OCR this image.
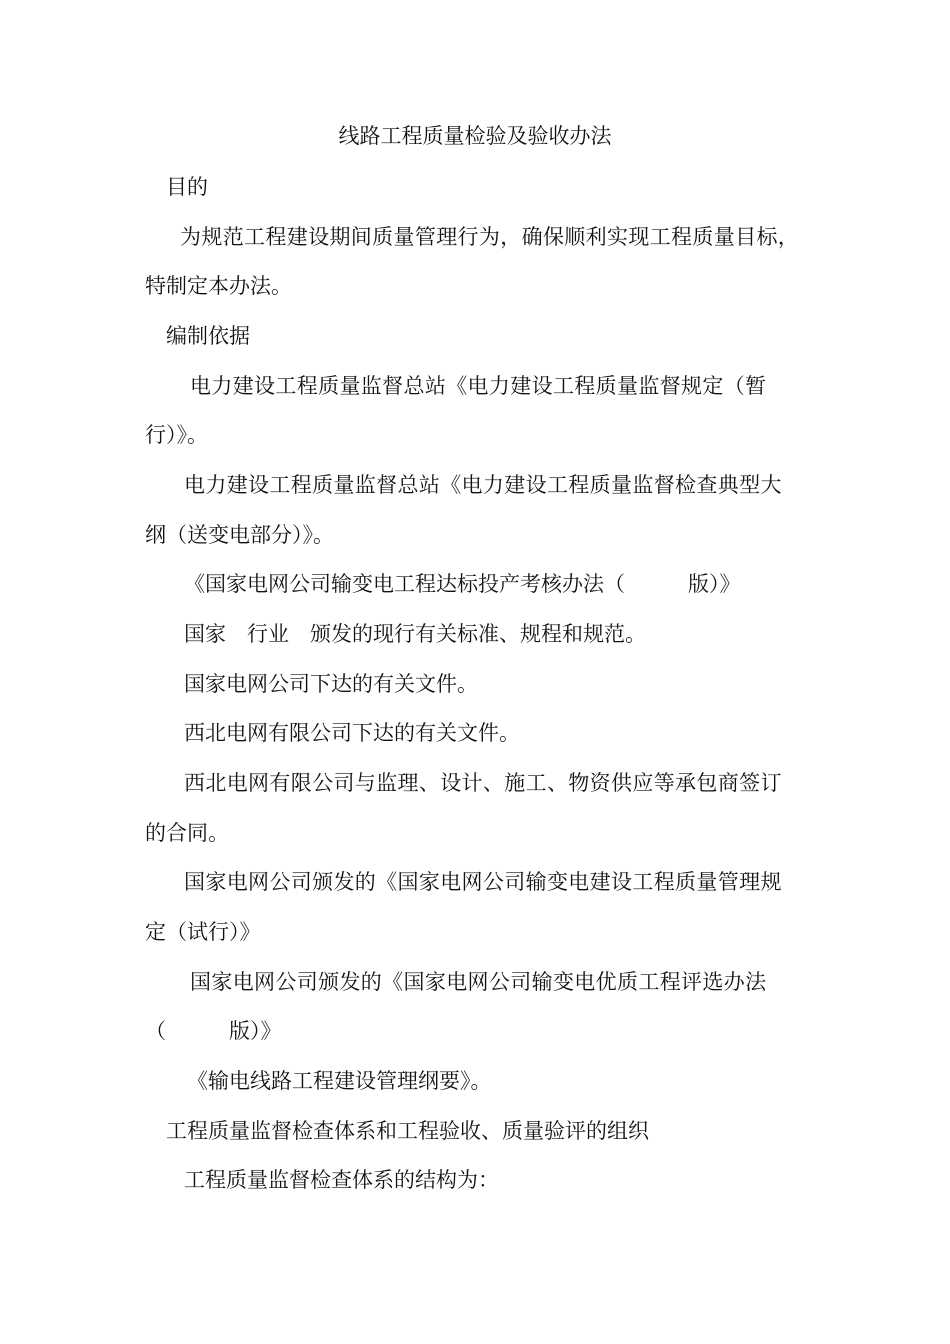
线路工程质量检验及验收办法
目的
为规范工程建设期间质量管理行为，确保顺利实现工程质量目标，
特制定本办法。
编制依据
电力建设工程质量监督总站《电力建设工程质量监督规定（暂
行）》。
电力建设工程质量监督总站《电力建设工程质量监督检查典型大
纲（送变电部分）》。
《国家电网公司输变电工程达标投产考核办法（　　　版）》
国家　行业　颁发的现行有关标准、规程和规范。
国家电网公司下达的有关文件。
西北电网有限公司下达的有关文件。
西北电网有限公司与监理、设计、施工、物资供应等承包商签订
的合同。
国家电网公司颁发的《国家电网公司输变电建设工程质量管理规
定（试行）》
国家电网公司颁发的《国家电网公司输变电优质工程评选办法
（　　　版）》
《输电线路工程建设管理纲要》。
工程质量监督检查体系和工程验收、质量验评的组织
工程质量监督检查体系的结构为：
